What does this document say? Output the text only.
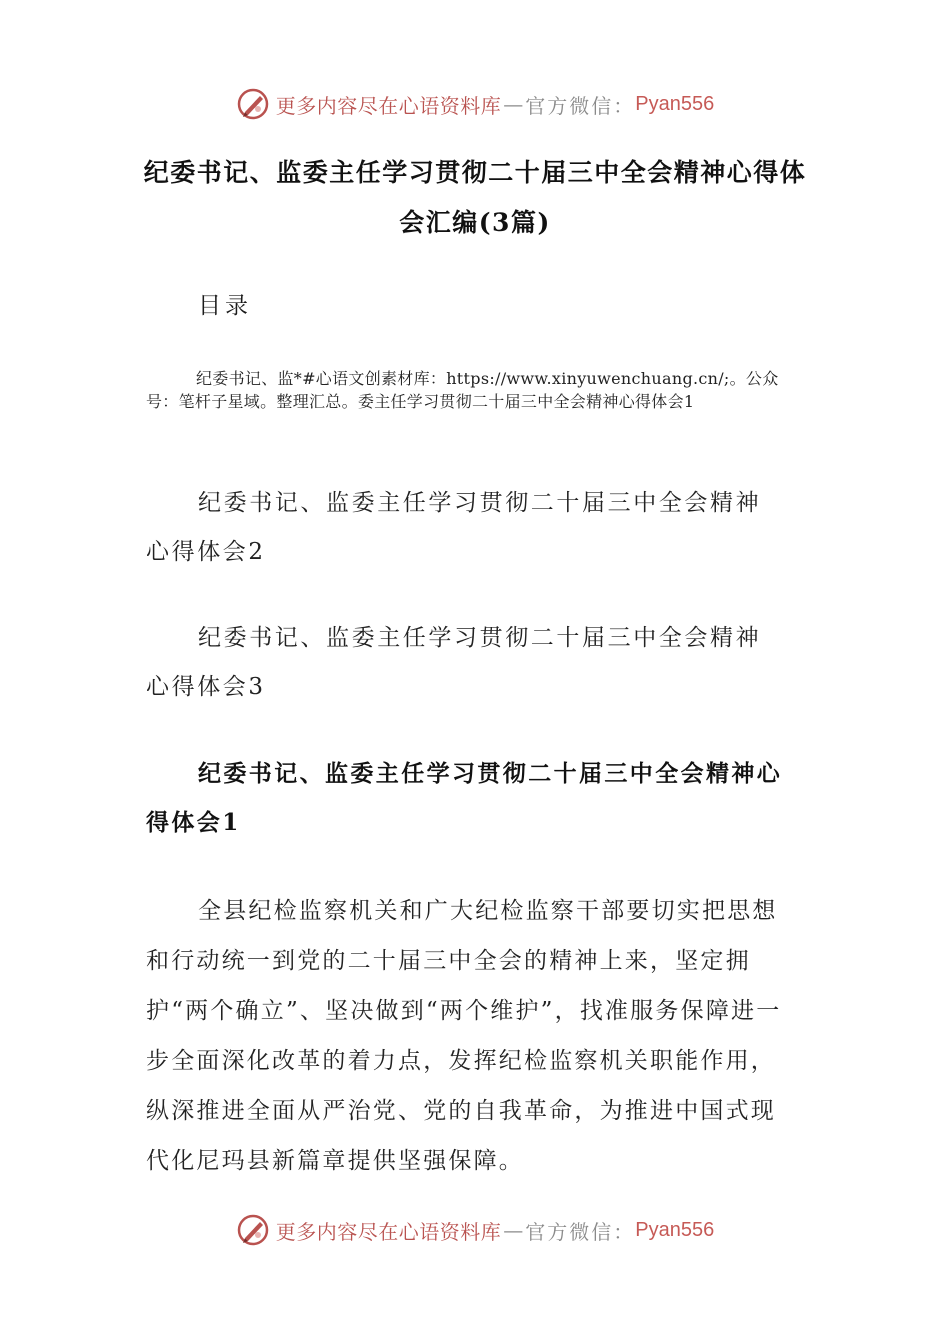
更多内容尽在心语资料库 — 官方微信： Pyan556
纪委书记、监委主任学习贯彻二十届三中全会精神心得体会汇编(3篇)
目录
纪委书记、监*#心语文创素材库：https://www.xinyuwenchuang.cn/;。公众号：笔杆子星域。整理汇总。委主任学习贯彻二十届三中全会精神心得体会1
纪委书记、监委主任学习贯彻二十届三中全会精神心得体会2
纪委书记、监委主任学习贯彻二十届三中全会精神心得体会3
纪委书记、监委主任学习贯彻二十届三中全会精神心得体会1
全县纪检监察机关和广大纪检监察干部要切实把思想和行动统一到党的二十届三中全会的精神上来，坚定拥护“两个确立”、坚决做到“两个维护”，找准服务保障进一步全面深化改革的着力点，发挥纪检监察机关职能作用，纵深推进全面从严治党、党的自我革命，为推进中国式现代化尼玛县新篇章提供坚强保障。
更多内容尽在心语资料库 — 官方微信： Pyan556
